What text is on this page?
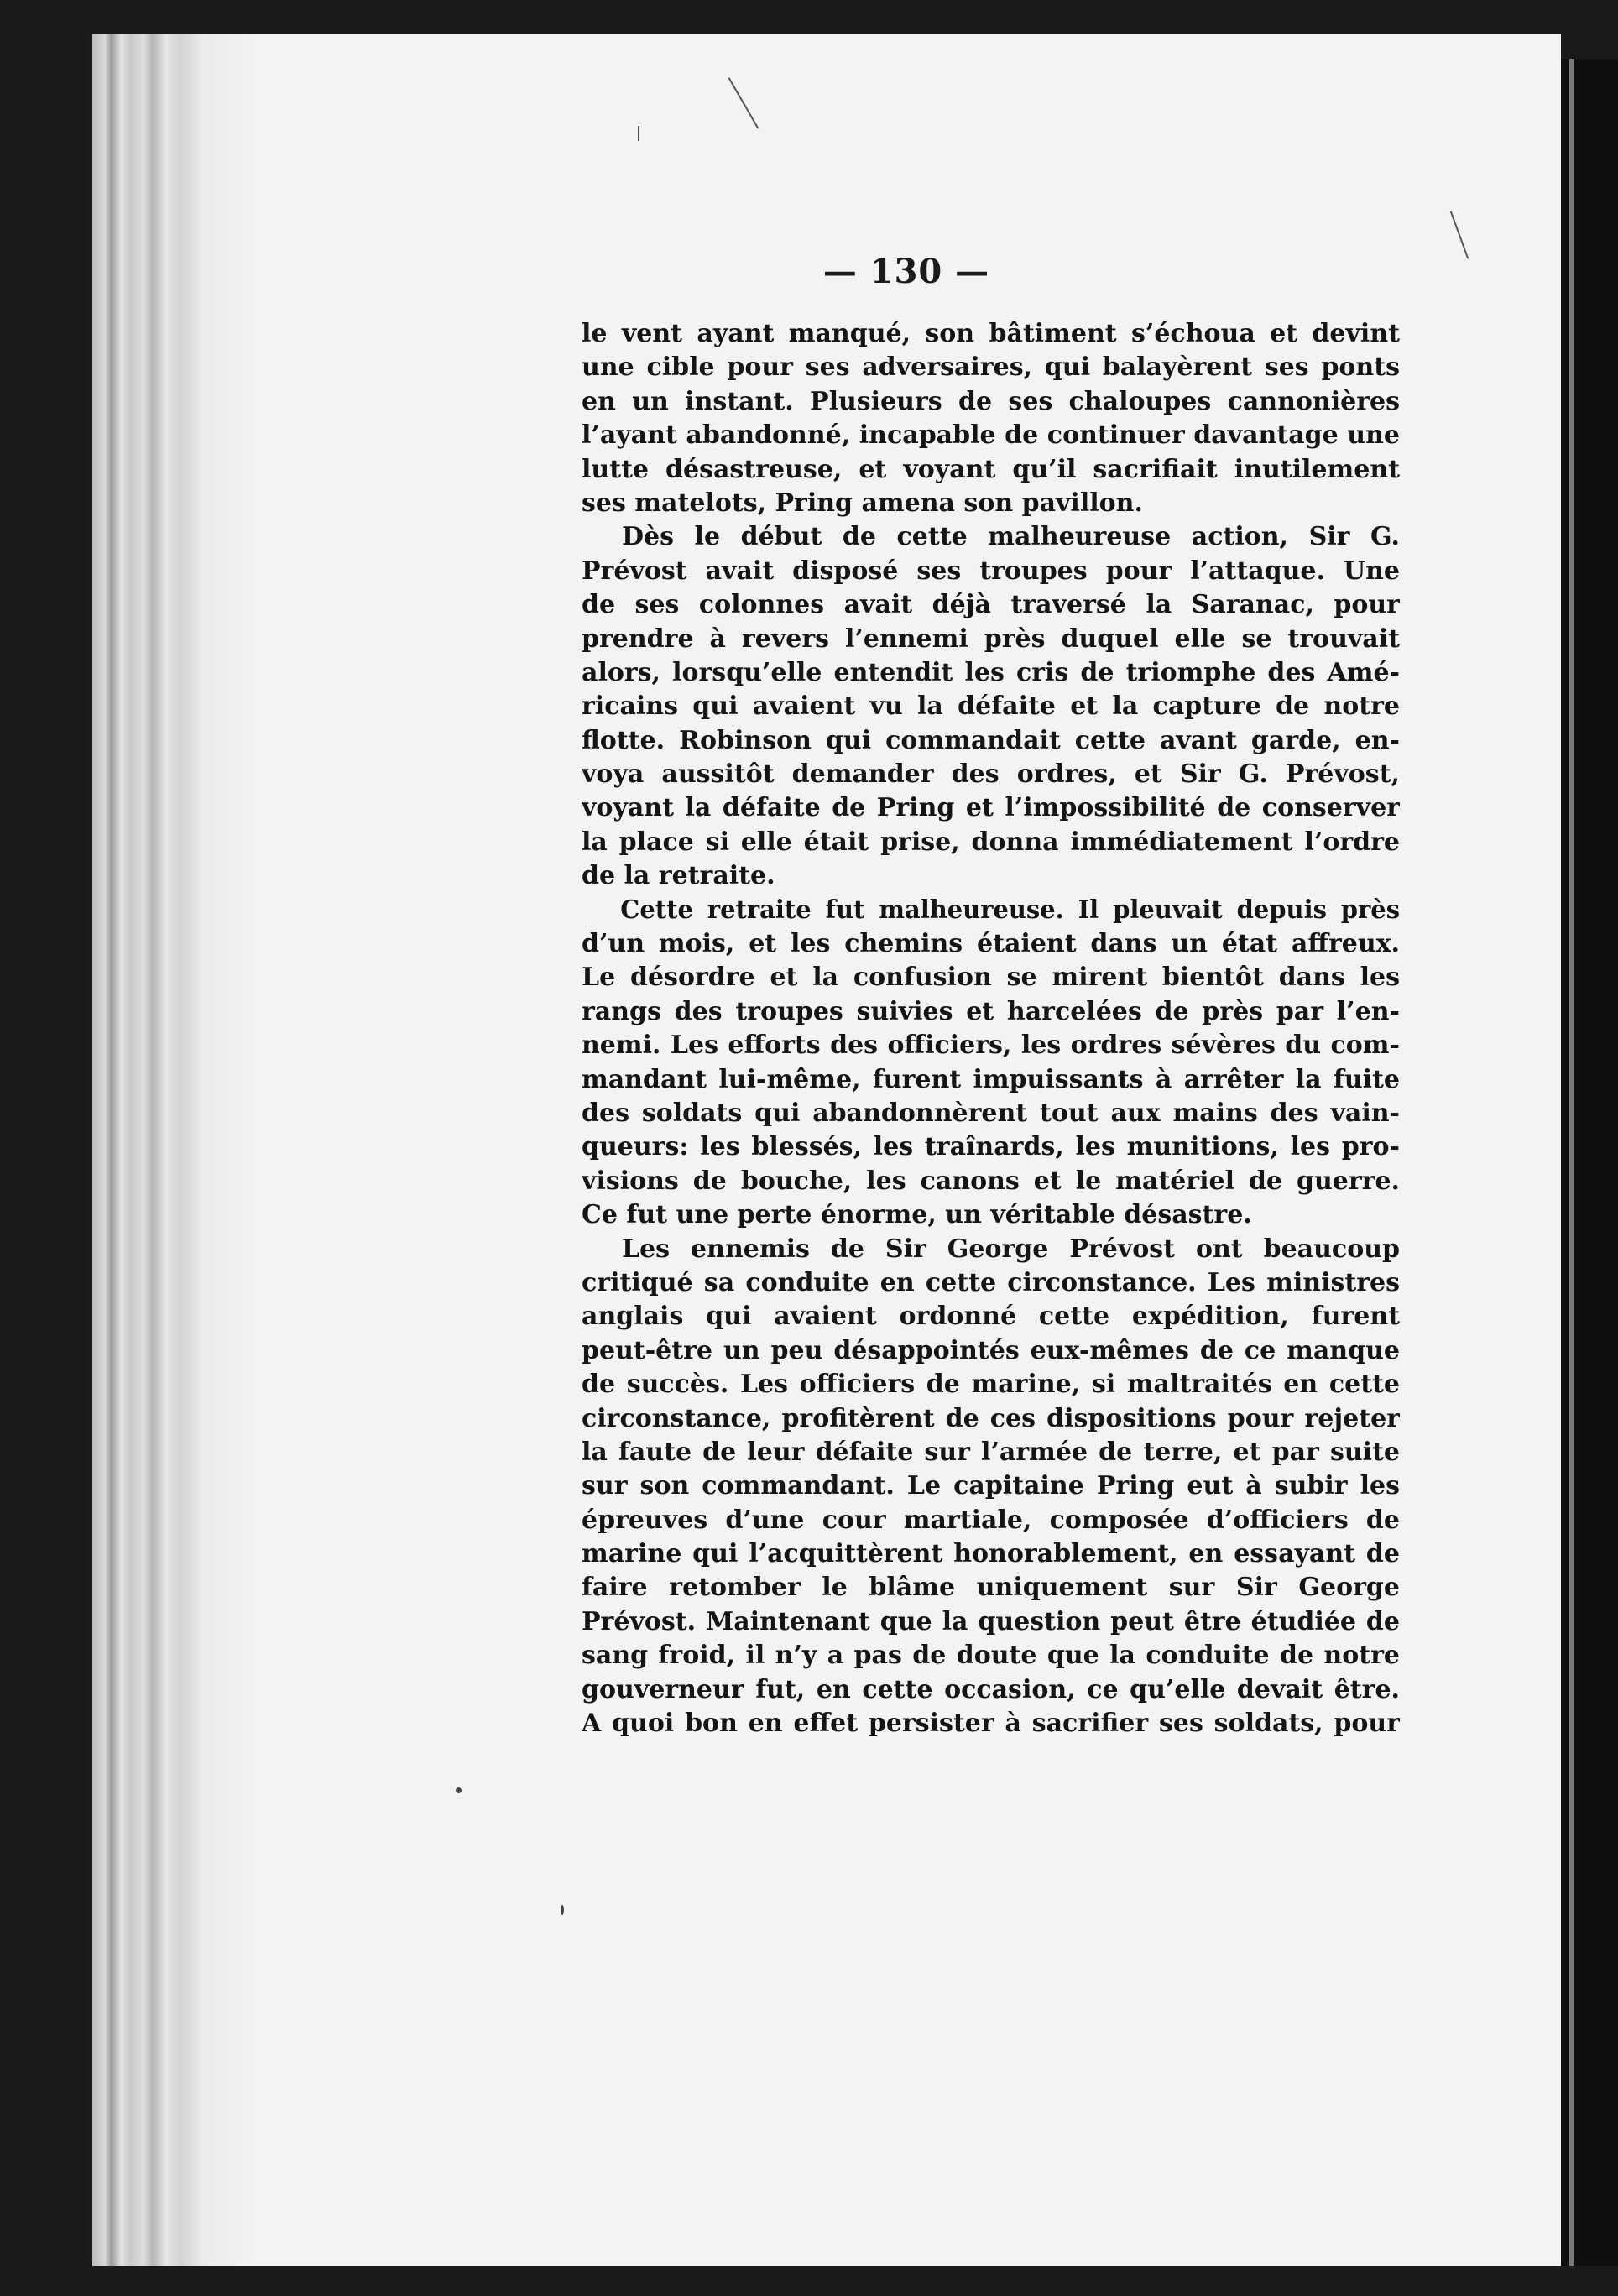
— 130 —
le vent ayant manqué, son bâtiment s’échoua et devint
une cible pour ses adversaires, qui balayèrent ses ponts
en un instant. Plusieurs de ses chaloupes cannonières
l’ayant abandonné, incapable de continuer davantage une
lutte désastreuse, et voyant qu’il sacrifiait inutilement
ses matelots, Pring amena son pavillon.
Dès le début de cette malheureuse action, Sir G.
Prévost avait disposé ses troupes pour l’attaque. Une
de ses colonnes avait déjà traversé la Saranac, pour
prendre à revers l’ennemi près duquel elle se trouvait
alors, lorsqu’elle entendit les cris de triomphe des Amé-
ricains qui avaient vu la défaite et la capture de notre
flotte. Robinson qui commandait cette avant garde, en-
voya aussitôt demander des ordres, et Sir G. Prévost,
voyant la défaite de Pring et l’impossibilité de conserver
la place si elle était prise, donna immédiatement l’ordre
de la retraite.
Cette retraite fut malheureuse. Il pleuvait depuis près
d’un mois, et les chemins étaient dans un état affreux.
Le désordre et la confusion se mirent bientôt dans les
rangs des troupes suivies et harcelées de près par l’en-
nemi. Les efforts des officiers, les ordres sévères du com-
mandant lui-même, furent impuissants à arrêter la fuite
des soldats qui abandonnèrent tout aux mains des vain-
queurs: les blessés, les traînards, les munitions, les pro-
visions de bouche, les canons et le matériel de guerre.
Ce fut une perte énorme, un véritable désastre.
Les ennemis de Sir George Prévost ont beaucoup
critiqué sa conduite en cette circonstance. Les ministres
anglais qui avaient ordonné cette expédition, furent
peut-être un peu désappointés eux-mêmes de ce manque
de succès. Les officiers de marine, si maltraités en cette
circonstance, profitèrent de ces dispositions pour rejeter
la faute de leur défaite sur l’armée de terre, et par suite
sur son commandant. Le capitaine Pring eut à subir les
épreuves d’une cour martiale, composée d’officiers de
marine qui l’acquittèrent honorablement, en essayant de
faire retomber le blâme uniquement sur Sir George
Prévost. Maintenant que la question peut être étudiée de
sang froid, il n’y a pas de doute que la conduite de notre
gouverneur fut, en cette occasion, ce qu’elle devait être.
A quoi bon en effet persister à sacrifier ses soldats, pour
